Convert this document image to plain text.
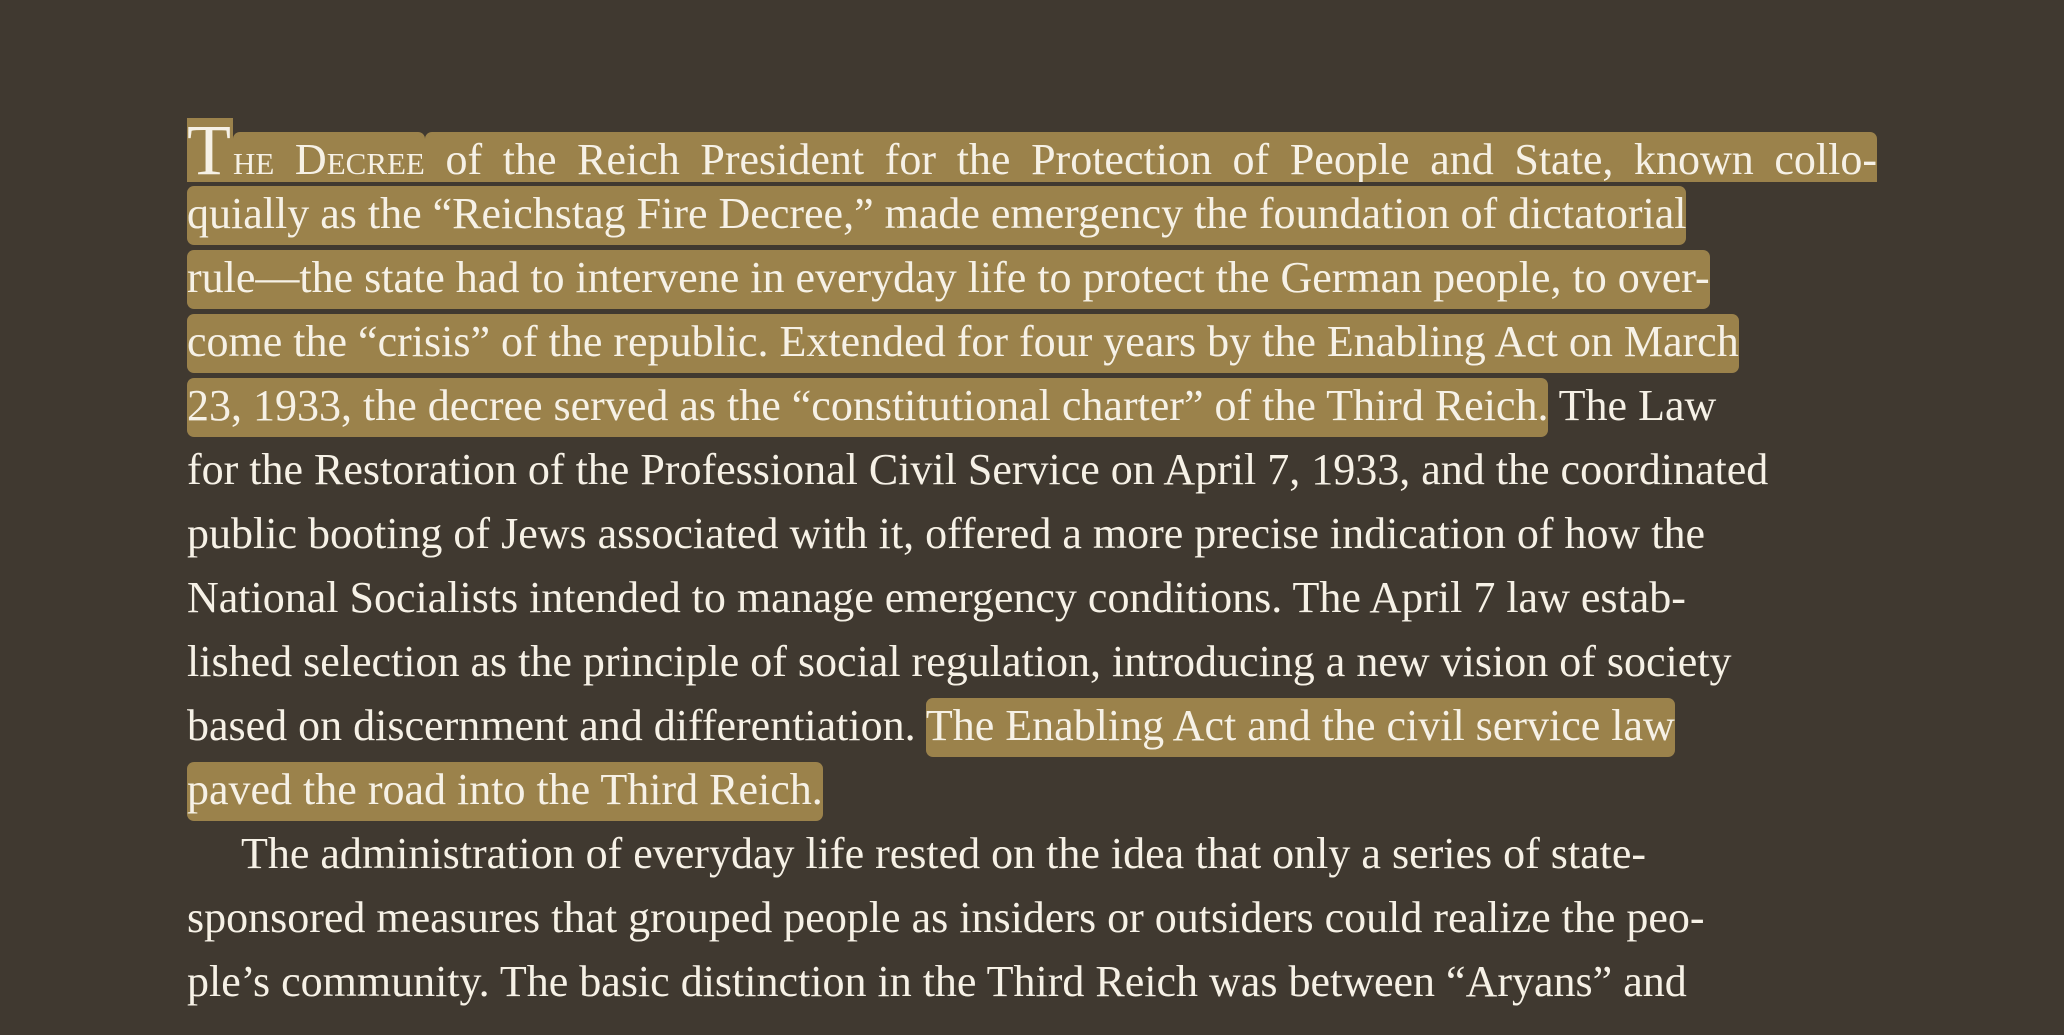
The Decree of the Reich President for the Protection of People and State, known collo-
quially as the “Reichstag Fire Decree,” made emergency the foundation of dictatorial
rule—the state had to intervene in everyday life to protect the German people, to over-
come the “crisis” of the republic. Extended for four years by the Enabling Act on March
23, 1933, the decree served as the “constitutional charter” of the Third Reich. The Law
for the Restoration of the Professional Civil Service on April 7, 1933, and the coordinated
public booting of Jews associated with it, offered a more precise indication of how the
National Socialists intended to manage emergency conditions. The April 7 law estab-
lished selection as the principle of social regulation, introducing a new vision of society
based on discernment and differentiation. The Enabling Act and the civil service law
paved the road into the Third Reich.
The administration of everyday life rested on the idea that only a series of state-
sponsored measures that grouped people as insiders or outsiders could realize the peo-
ple’s community. The basic distinction in the Third Reich was between “Aryans” and
